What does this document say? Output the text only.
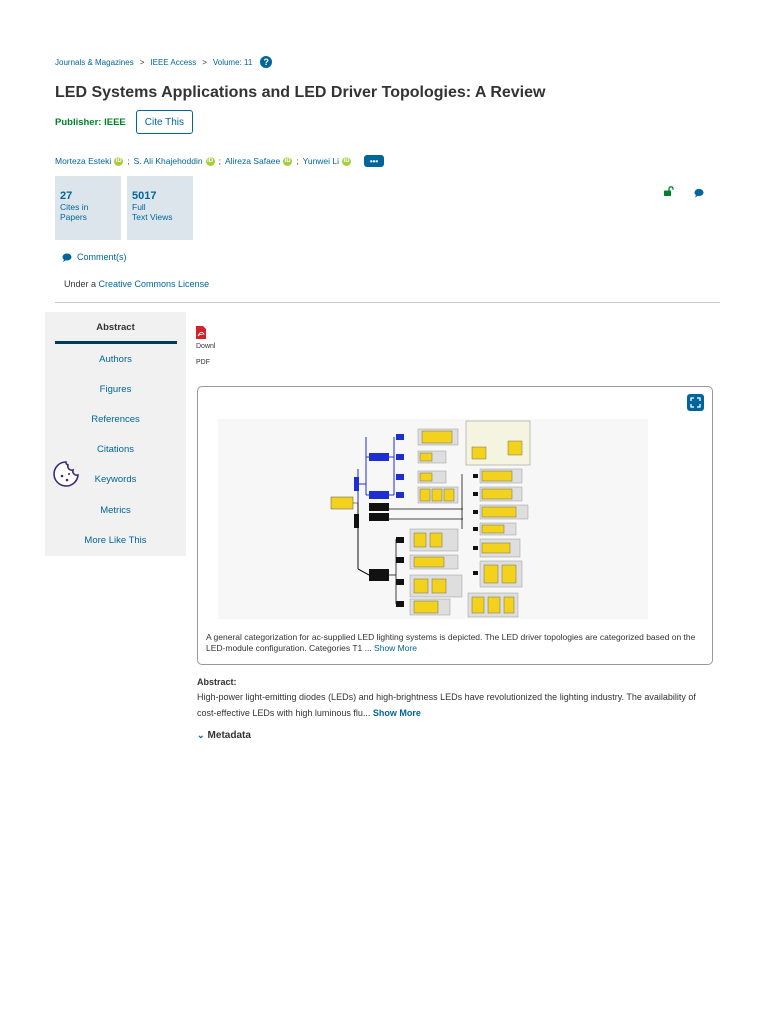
Journals & Magazines > IEEE Access > Volume: 11	?
LED Systems Applications and LED Driver Topologies: A Review
Publisher: IEEE	Cite This
Morteza Esteki iD ; S. Ali Khajehoddin iD ; Alireza Safaee iD ; Yunwei Li iD	•••
27
Cites in
Papers
5017
Full
Text Views
Comment(s)
Under a Creative Commons License
Abstract
Authors
Figures
References
Citations
Keywords
Metrics
More Like This
Downl
PDF
A general categorization for ac-supplied LED lighting systems is depicted. The LED driver topologies are categorized based on the LED-module configuration. Categories T1 ... Show More
Abstract:
High-power light-emitting diodes (LEDs) and high-brightness LEDs have revolutionized the lighting industry. The availability of cost-effective LEDs with high luminous flu... Show More
⌄ Metadata
